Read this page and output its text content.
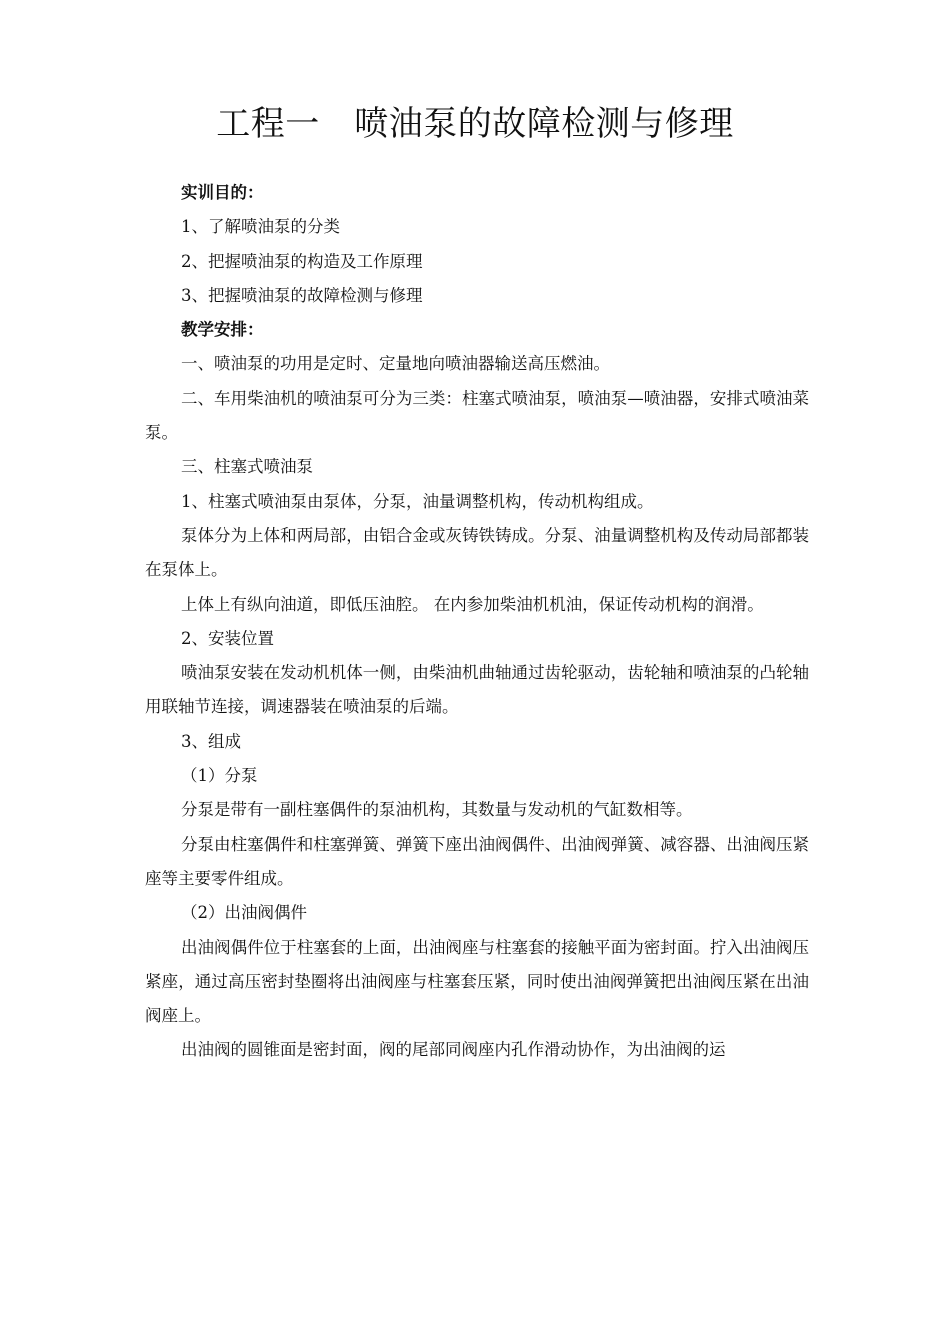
工程一　喷油泵的故障检测与修理

实训目的：

1、了解喷油泵的分类

2、把握喷油泵的构造及工作原理

3、把握喷油泵的故障检测与修理

教学安排：

一、喷油泵的功用是定时、定量地向喷油器输送高压燃油。

二、车用柴油机的喷油泵可分为三类：柱塞式喷油泵，喷油泵—喷油器，安排式喷油菜泵。

三、柱塞式喷油泵

1、柱塞式喷油泵由泵体，分泵，油量调整机构，传动机构组成。

泵体分为上体和两局部，由铝合金或灰铸铁铸成。分泵、油量调整机构及传动局部都装在泵体上。

上体上有纵向油道，即低压油腔。 在内参加柴油机机油，保证传动机构的润滑。

2、安装位置

喷油泵安装在发动机机体一侧，由柴油机曲轴通过齿轮驱动，齿轮轴和喷油泵的凸轮轴用联轴节连接，调速器装在喷油泵的后端。

3、组成

（1）分泵

分泵是带有一副柱塞偶件的泵油机构，其数量与发动机的气缸数相等。

分泵由柱塞偶件和柱塞弹簧、弹簧下座出油阀偶件、出油阀弹簧、减容器、出油阀压紧座等主要零件组成。

（2）出油阀偶件

出油阀偶件位于柱塞套的上面，出油阀座与柱塞套的接触平面为密封面。拧入出油阀压紧座，通过高压密封垫圈将出油阀座与柱塞套压紧，同时使出油阀弹簧把出油阀压紧在出油阀座上。

出油阀的圆锥面是密封面，阀的尾部同阀座内孔作滑动协作，为出油阀的运
